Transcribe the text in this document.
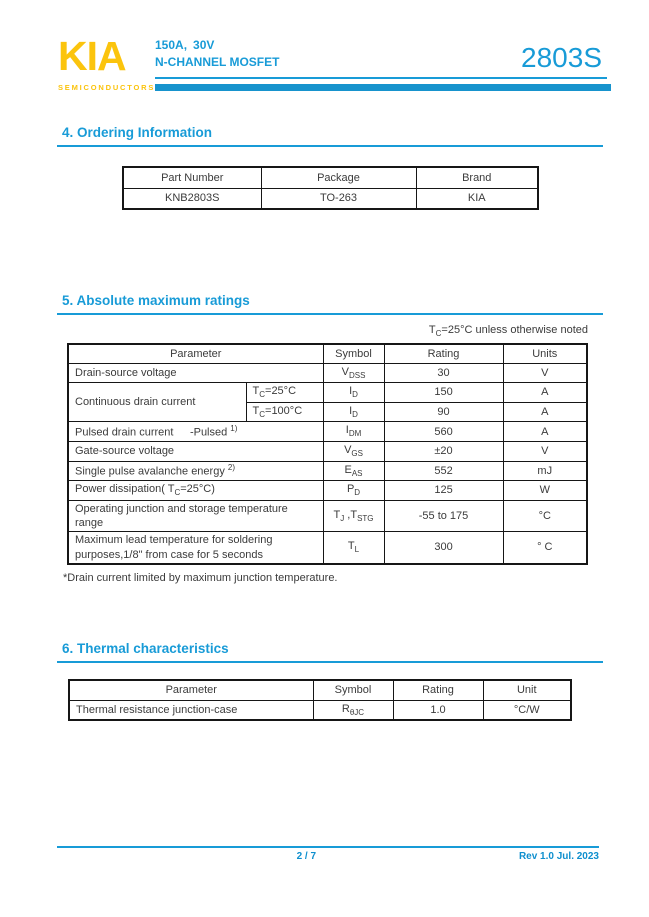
KIA
SEMICONDUCTORS
150A, 30V
N-CHANNEL MOSFET	2803S
4. Ordering Information
Part Number	Package	Brand
KNB2803S	TO-263	KIA
5. Absolute maximum ratings
$T_C=25^\circ C$ unless otherwise noted
Parameter		Symbol	Rating	Units
Drain-source voltage		$V_{DSS}$	30	V
Continuous drain current	$T_C=25^\circ C$	$I_D$	150	A
	$T_C=100^\circ C$	$I_D$	90	A
Pulsed drain current  -Pulsed $^{1)}$		$I_{DM}$	560	A
Gate-source voltage		$V_{GS}$	±20	V
Single pulse avalanche energy $^{2)}$		$E_{AS}$	552	mJ
Power dissipation( $T_C=25^\circ C$)		$P_D$	125	W
Operating junction and storage temperature range		$T_J$ $,T_{STG}$	-55 to 175	°C
Maximum lead temperature for soldering purposes,1/8" from case for 5 seconds		$T_L$	300	° C
*Drain current limited by maximum junction temperature.
6. Thermal characteristics
Parameter	Symbol	Rating	Unit
Thermal resistance junction-case	$R_{\theta JC}$	1.0	°C/W
2 / 7	Rev 1.0 Jul. 2023
